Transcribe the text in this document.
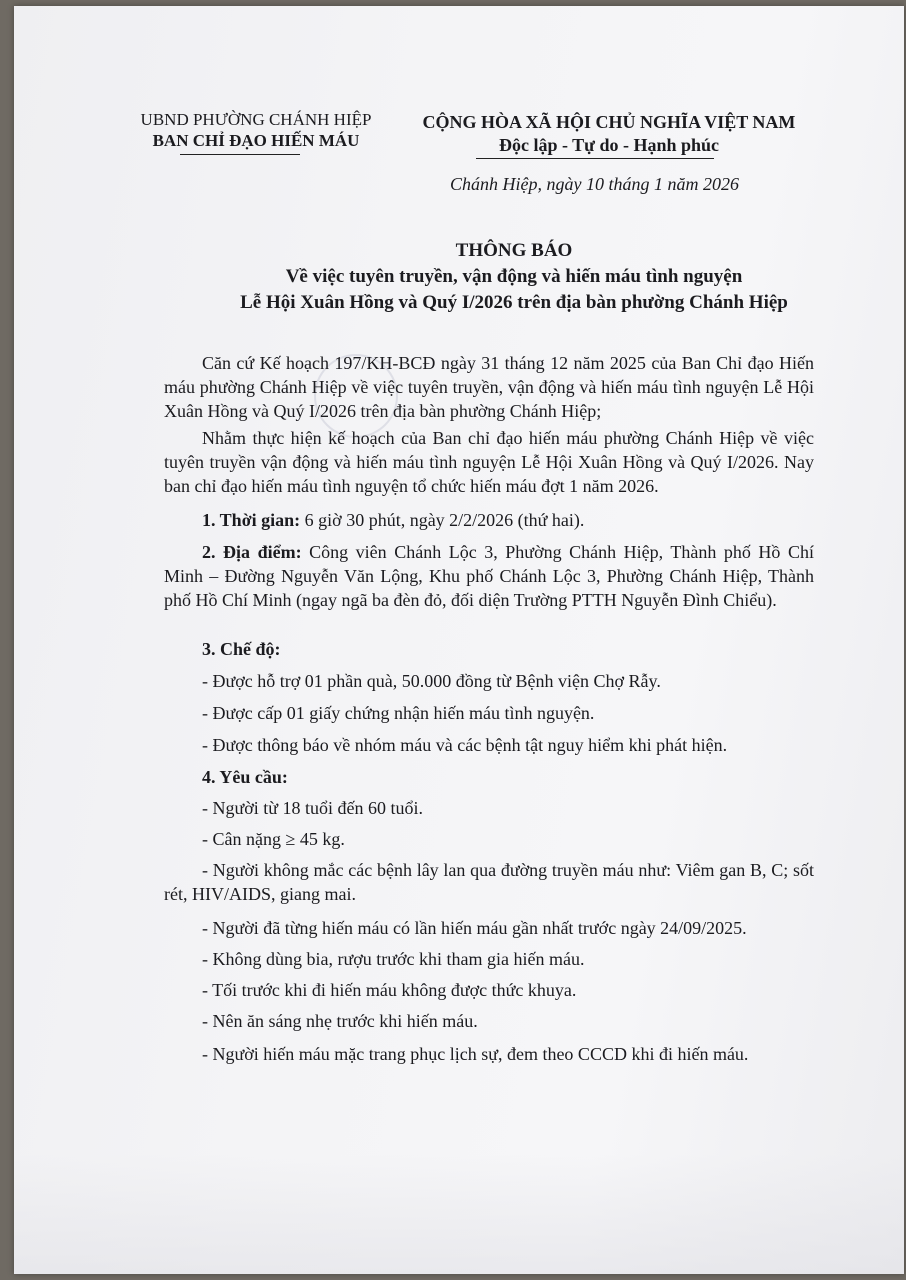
UBND PHƯỜNG CHÁNH HIỆP
BAN CHỈ ĐẠO HIẾN MÁU
CỘNG HÒA XÃ HỘI CHỦ NGHĨA VIỆT NAM
Độc lập - Tự do - Hạnh phúc
Chánh Hiệp, ngày 10 tháng 1 năm 2026
THÔNG BÁO
Về việc tuyên truyền, vận động và hiến máu tình nguyện
Lễ Hội Xuân Hồng và Quý I/2026 trên địa bàn phường Chánh Hiệp

Căn cứ Kế hoạch 197/KH-BCĐ ngày 31 tháng 12 năm 2025 của Ban Chỉ đạo Hiến máu phường Chánh Hiệp về việc tuyên truyền, vận động và hiến máu tình nguyện Lễ Hội Xuân Hồng và Quý I/2026 trên địa bàn phường Chánh Hiệp;

Nhằm thực hiện kế hoạch của Ban chỉ đạo hiến máu phường Chánh Hiệp về việc tuyên truyền vận động và hiến máu tình nguyện Lễ Hội Xuân Hồng và Quý I/2026. Nay ban chỉ đạo hiến máu tình nguyện tổ chức hiến máu đợt 1 năm 2026.

1. Thời gian: 6 giờ 30 phút, ngày 2/2/2026 (thứ hai).

2. Địa điểm: Công viên Chánh Lộc 3, Phường Chánh Hiệp, Thành phố Hồ Chí Minh – Đường Nguyễn Văn Lộng, Khu phố Chánh Lộc 3, Phường Chánh Hiệp, Thành phố Hồ Chí Minh (ngay ngã ba đèn đỏ, đối diện Trường PTTH Nguyễn Đình Chiểu).

3. Chế độ:
- Được hỗ trợ 01 phần quà, 50.000 đồng từ Bệnh viện Chợ Rẫy.
- Được cấp 01 giấy chứng nhận hiến máu tình nguyện.
- Được thông báo về nhóm máu và các bệnh tật nguy hiểm khi phát hiện.
4. Yêu cầu:
- Người từ 18 tuổi đến 60 tuổi.
- Cân nặng ≥ 45 kg.

- Người không mắc các bệnh lây lan qua đường truyền máu như: Viêm gan B, C; sốt rét, HIV/AIDS, giang mai.

- Người đã từng hiến máu có lần hiến máu gần nhất trước ngày 24/09/2025.
- Không dùng bia, rượu trước khi tham gia hiến máu.
- Tối trước khi đi hiến máu không được thức khuya.
- Nên ăn sáng nhẹ trước khi hiến máu.
- Người hiến máu mặc trang phục lịch sự, đem theo CCCD khi đi hiến máu.
